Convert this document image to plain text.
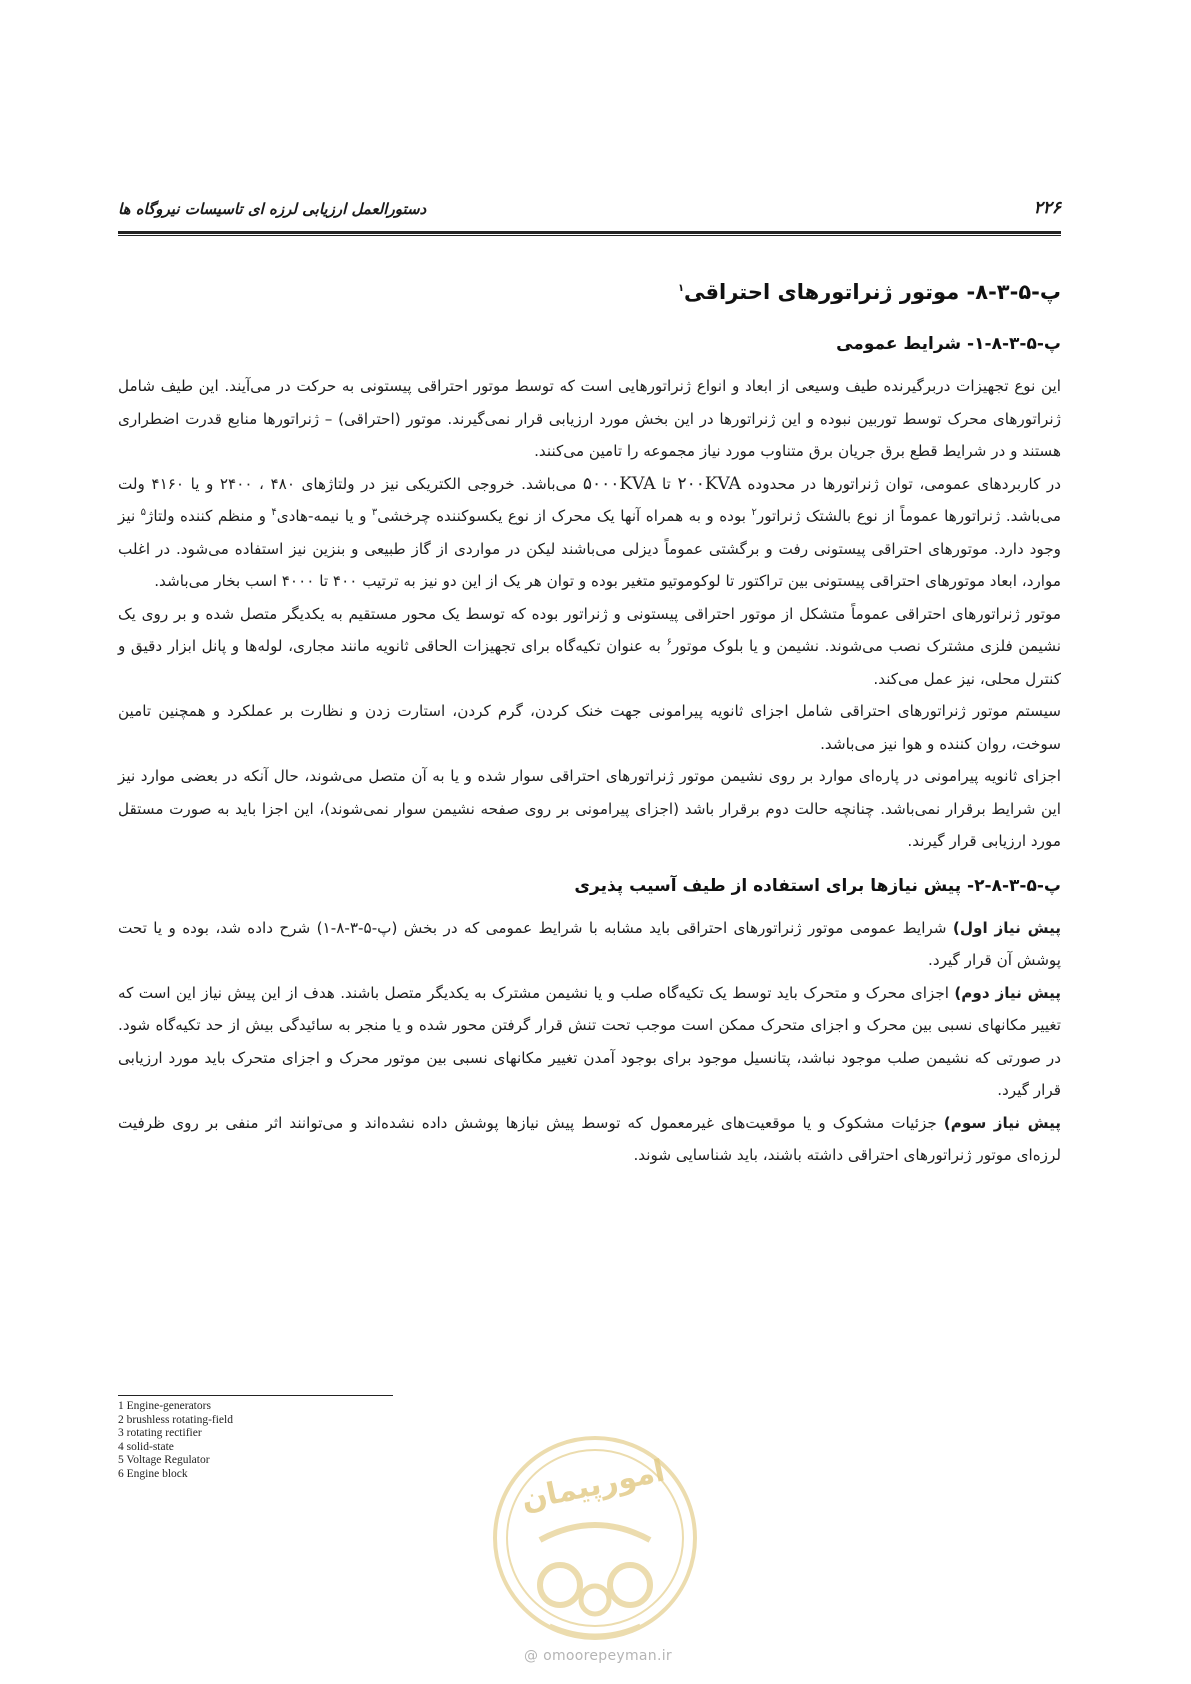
۲۲۶
دستورالعمل ارزیابی لرزه ای تاسیسات نیروگاه ها
پ-۵-۳-۸- موتور ژنراتورهای احتراقی$^۱$
پ-۵-۳-۸-۱- شرایط عمومی

این نوع تجهیزات دربرگیرنده طیف وسیعی از ابعاد و انواع ژنراتورهایی است که توسط موتور احتراقی پیستونی به حرکت در می‌آیند. این طیف شامل ژنراتورهای محرک توسط توربین نبوده و این ژنراتورها در این بخش مورد ارزیابی قرار نمی‌گیرند. موتور (احتراقی) – ژنراتورها منابع قدرت اضطراری هستند و در شرایط قطع برق جریان برق متناوب مورد نیاز مجموعه را تامین می‌کنند.

در کاربردهای عمومی، توان ژنراتورها در محدوده ۲۰۰KVA تا ۵۰۰۰KVA می‌باشد. خروجی الکتریکی نیز در ولتاژهای ۴۸۰ ، ۲۴۰۰ و یا ۴۱۶۰ ولت می‌باشد. ژنراتورها عموماً از نوع بالشتک ژنراتور$^۲$ بوده و به همراه آنها یک محرک از نوع یکسوکننده چرخشی$^۳$ و یا نیمه-هادی$^۴$ و منظم کننده ولتاژ$^۵$ نیز وجود دارد. موتورهای احتراقی پیستونی رفت و برگشتی عموماً دیزلی می‌باشند لیکن در مواردی از گاز طبیعی و بنزین نیز استفاده می‌شود. در اغلب موارد، ابعاد موتورهای احتراقی پیستونی بین تراکتور تا لوکوموتیو متغیر بوده و توان هر یک از این دو نیز به ترتیب ۴۰۰ تا ۴۰۰۰ اسب بخار می‌باشد.

موتور ژنراتورهای احتراقی عموماً متشکل از موتور احتراقی پیستونی و ژنراتور بوده که توسط یک محور مستقیم به یکدیگر متصل شده و بر روی یک نشیمن فلزی مشترک نصب می‌شوند. نشیمن و یا بلوک موتور$^۶$ به عنوان تکیه‌گاه برای تجهیزات الحاقی ثانویه مانند مجاری، لوله‌ها و پانل ابزار دقیق و کنترل محلی، نیز عمل می‌کند.

سیستم موتور ژنراتورهای احتراقی شامل اجزای ثانویه پیرامونی جهت خنک کردن، گرم کردن، استارت زدن و نظارت بر عملکرد و همچنین تامین سوخت، روان کننده و هوا نیز می‌باشد.

اجزای ثانویه پیرامونی در پاره‌ای موارد بر روی نشیمن موتور ژنراتورهای احتراقی سوار شده و یا به آن متصل می‌شوند، حال آنکه در بعضی موارد نیز این شرایط برقرار نمی‌باشد. چنانچه حالت دوم برقرار باشد (اجزای پیرامونی بر روی صفحه نشیمن سوار نمی‌شوند)، این اجزا باید به صورت مستقل مورد ارزیابی قرار گیرند.

پ-۵-۳-۸-۲- پیش نیازها برای استفاده از طیف آسیب پذیری

پیش نیاز اول) شرایط عمومی موتور ژنراتورهای احتراقی باید مشابه با شرایط عمومی که در بخش (پ-۵-۳-۸-۱) شرح داده شد، بوده و یا تحت پوشش آن قرار گیرد.

پیش نیاز دوم) اجزای محرک و متحرک باید توسط یک تکیه‌گاه صلب و یا نشیمن مشترک به یکدیگر متصل باشند. هدف از این پیش نیاز این است که تغییر مکانهای نسبی بین محرک و اجزای متحرک ممکن است موجب تحت تنش قرار گرفتن محور شده و یا منجر به سائیدگی بیش از حد تکیه‌گاه شود. در صورتی که نشیمن صلب موجود نباشد، پتانسیل موجود برای بوجود آمدن تغییر مکانهای نسبی بین موتور محرک و اجزای متحرک باید مورد ارزیابی قرار گیرد.

پیش نیاز سوم) جزئیات مشکوک و یا موقعیت‌های غیرمعمول که توسط پیش نیازها پوشش داده نشده‌اند و می‌توانند اثر منفی بر روی ظرفیت لرزه‌ای موتور ژنراتورهای احتراقی داشته باشند، باید شناسایی شوند.

1 Engine-generators
2 brushless rotating-field
3 rotating rectifier
4 solid-state
5 Voltage Regulator
6 Engine block	امورپیمان
@ omoorepeyman.ir
